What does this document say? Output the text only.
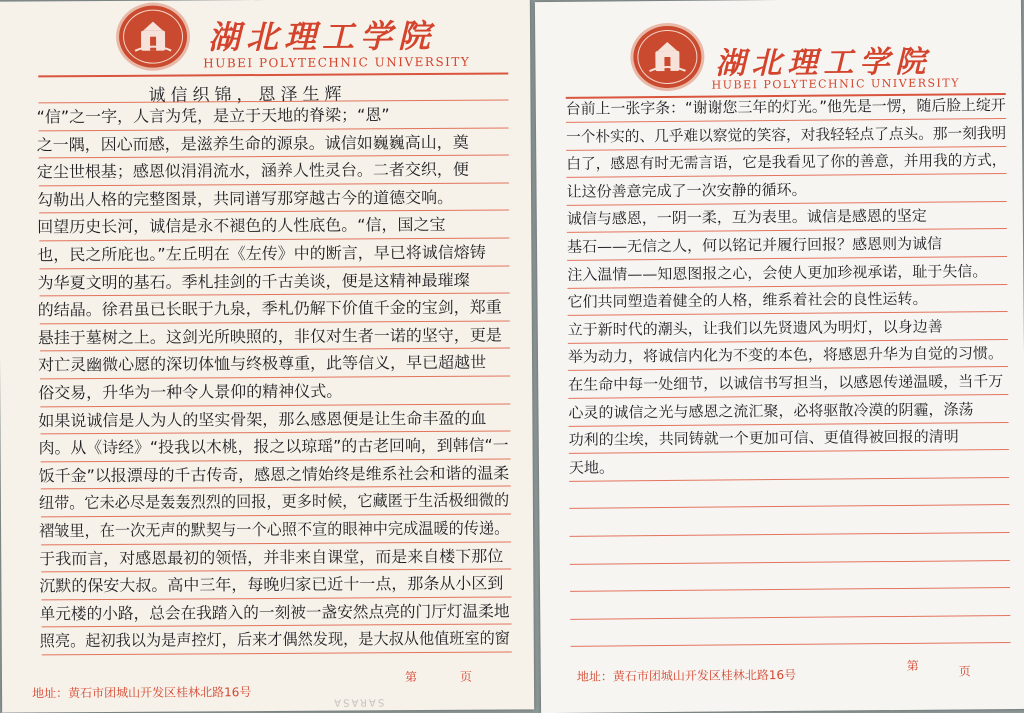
湖北理工学院
HUBEI POLYTECHNIC UNIVERSITY
诚信织锦，恩泽生辉
“信”之一字，人言为凭，是立于天地的脊梁；“恩”
之一隅，因心而感，是滋养生命的源泉。诚信如巍巍高山，奠
定尘世根基；感恩似涓涓流水，涵养人性灵台。二者交织，便
勾勒出人格的完整图景，共同谱写那穿越古今的道德交响。
回望历史长河，诚信是永不褪色的人性底色。“信，国之宝
也，民之所庇也。”左丘明在《左传》中的断言，早已将诚信熔铸
为华夏文明的基石。季札挂剑的千古美谈，便是这精神最璀璨
的结晶。徐君虽已长眠于九泉，季札仍解下价值千金的宝剑，郑重
悬挂于墓树之上。这剑光所映照的，非仅对生者一诺的坚守，更是
对亡灵幽微心愿的深切体恤与终极尊重，此等信义，早已超越世
俗交易，升华为一种令人景仰的精神仪式。
如果说诚信是人为人的坚实骨架，那么感恩便是让生命丰盈的血
肉。从《诗经》“投我以木桃，报之以琼瑶”的古老回响，到韩信“一
饭千金”以报漂母的千古传奇，感恩之情始终是维系社会和谐的温柔
纽带。它未必尽是轰轰烈烈的回报，更多时候，它藏匿于生活极细微的
褶皱里，在一次无声的默契与一个心照不宣的眼神中完成温暖的传递。
于我而言，对感恩最初的领悟，并非来自课堂，而是来自楼下那位
沉默的保安大叔。高中三年，每晚归家已近十一点，那条从小区到
单元楼的小路，总会在我踏入的一刻被一盏安然点亮的门厅灯温柔地
照亮。起初我以为是声控灯，后来才偶然发现，是大叔从他值班室的窗
地址：黄石市团城山开发区桂林北路16号
第	页
SARASA
湖北理工学院
HUBEI POLYTECHNIC UNIVERSITY
台前上一张字条：“谢谢您三年的灯光。”他先是一愣，随后脸上绽开
一个朴实的、几乎难以察觉的笑容，对我轻轻点了点头。那一刻我明
白了，感恩有时无需言语，它是我看见了你的善意，并用我的方式，
让这份善意完成了一次安静的循环。
诚信与感恩，一阴一柔，互为表里。诚信是感恩的坚定
基石——无信之人，何以铭记并履行回报？感恩则为诚信
注入温情——知恩图报之心，会使人更加珍视承诺，耻于失信。
它们共同塑造着健全的人格，维系着社会的良性运转。
立于新时代的潮头，让我们以先贤遗风为明灯，以身边善
举为动力，将诚信内化为不变的本色，将感恩升华为自觉的习惯。
在生命中每一处细节，以诚信书写担当，以感恩传递温暖，当千万
心灵的诚信之光与感恩之流汇聚，必将驱散冷漠的阴霾，涤荡
功利的尘埃，共同铸就一个更加可信、更值得被回报的清明
天地。
地址：黄石市团城山开发区桂林北路16号
第	页
